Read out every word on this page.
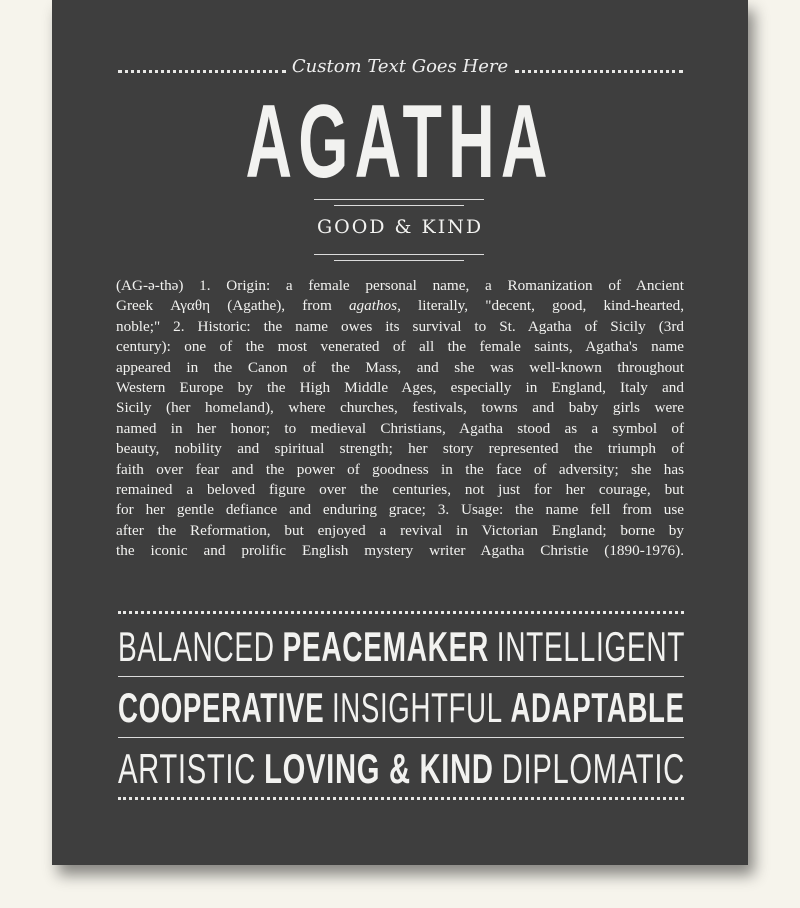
Custom Text Goes Here
AGATHA
GOOD & KIND
(AG-ə-thə) 1. Origin: a female personal name, a Romanization of Ancient
Greek Αγαθη (Agathe), from agathos, literally, "decent, good, kind-hearted,
noble;" 2. Historic: the name owes its survival to St. Agatha of Sicily (3rd
century): one of the most venerated of all the female saints, Agatha's name
appeared in the Canon of the Mass, and she was well-known throughout
Western Europe by the High Middle Ages, especially in England, Italy and
Sicily (her homeland), where churches, festivals, towns and baby girls were
named in her honor; to medieval Christians, Agatha stood as a symbol of
beauty, nobility and spiritual strength; her story represented the triumph of
faith over fear and the power of goodness in the face of adversity; she has
remained a beloved figure over the centuries, not just for her courage, but
for her gentle defiance and enduring grace; 3. Usage: the name fell from use
after the Reformation, but enjoyed a revival in Victorian England; borne by
the iconic and prolific English mystery writer Agatha Christie (1890-1976).
BALANCED PEACEMAKER INTELLIGENT
COOPERATIVE INSIGHTFUL ADAPTABLE
ARTISTIC LOVING & KIND DIPLOMATIC
